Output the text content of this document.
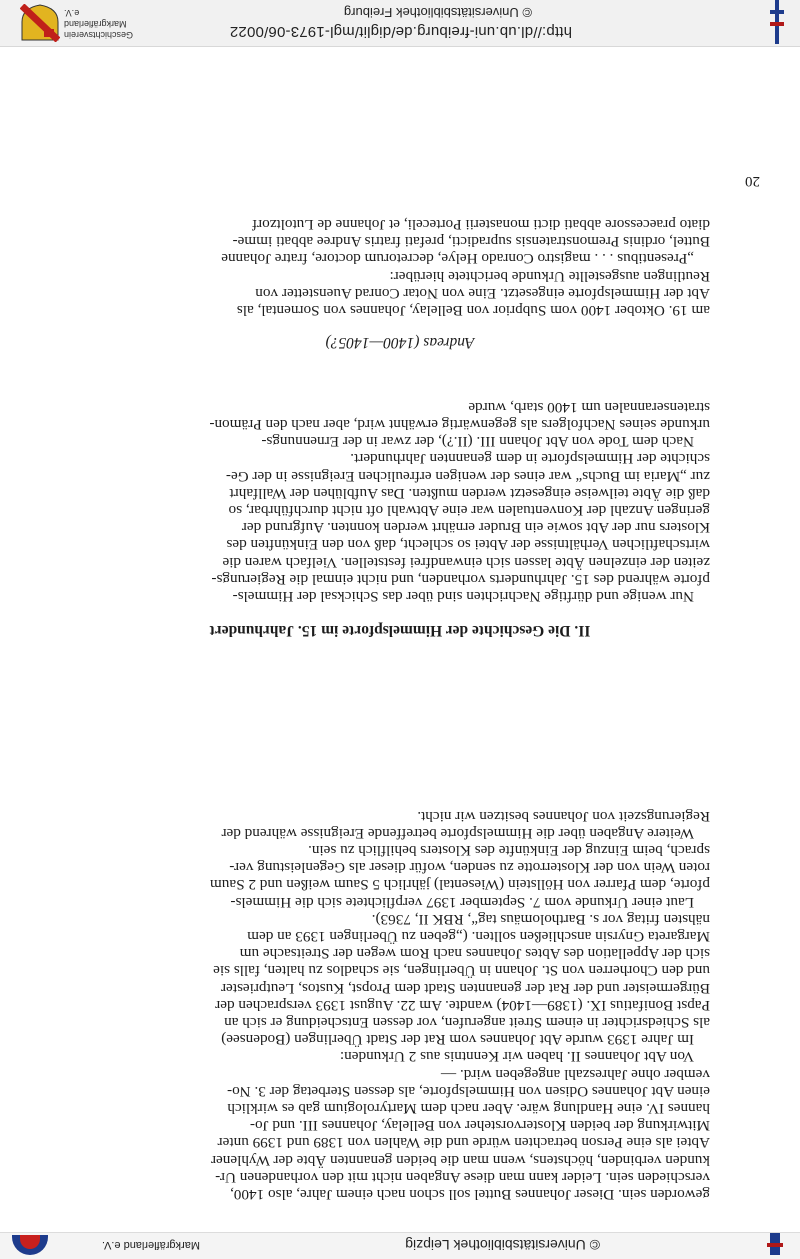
http://dl.ub.uni-freiburg.de/diglit/mgl-1973-06/0022
© Universitätsbibliothek Freiburg
Geschichtsverein Markgräflerland e.V.
© Universitätsbibliothek Leipzig
Markgräflerland e.V.

geworden sein. Dieser Johannes Buttel soll schon nach einem Jahre, also 1400,

verschieden sein. Leider kann man diese Angaben nicht mit den vorhandenen Ur-

kunden verbinden, höchstens, wenn man die beiden genannten Äbte der Wyhlener

Abtei als eine Person betrachten würde und die Wahlen von 1389 und 1399 unter

Mitwirkung der beiden Klostervorsteher von Bellelay, Johannes III. und Jo-

hannes IV. eine Handlung wäre. Aber nach dem Martyrologium gab es wirklich

einen Abt Johannes Odisen von Himmelspforte, als dessen Sterbetag der 3. No-

vember ohne Jahreszahl angegeben wird. —

Von Abt Johannes II. haben wir Kenntnis aus 2 Urkunden:

Im Jahre 1393 wurde Abt Johannes vom Rat der Stadt Überlingen (Bodensee)

als Schiedsrichter in einem Streit angerufen, vor dessen Entscheidung er sich an

Papst Bonifatius IX. (1389—1404) wandte. Am 22. August 1393 versprachen der

Bürgermeister und der Rat der genannten Stadt dem Propst, Kustos, Leutpriester

und den Chorherren von St. Johann in Überlingen, sie schadlos zu halten, falls sie

sich der Appellation des Abtes Johannes nach Rom wegen der Streitsache um

Margareta Gnyrsin anschließen sollten. („geben zu Überlingen 1393 an dem

nähsten fritag vor s. Bartholomäus tag“, RBK II, 7363).

Laut einer Urkunde vom 7. September 1397 verpflichtete sich die Himmels-

pforte, dem Pfarrer von Höllstein (Wiesental) jährlich 5 Saum weißen und 2 Saum

roten Wein von der Klosterrotte zu senden, wofür dieser als Gegenleistung ver-

sprach, beim Einzug der Einkünfte des Klosters behilflich zu sein.

Weitere Angaben über die Himmelspforte betreffende Ereignisse während der

Regierungszeit von Johannes besitzen wir nicht.

II. Die Geschichte der Himmelspforte im 15. Jahrhundert

Nur wenige und dürftige Nachrichten sind über das Schicksal der Himmels-

pforte während des 15. Jahrhunderts vorhanden, und nicht einmal die Regierungs-

zeiten der einzelnen Äbte lassen sich einwandfrei feststellen. Vielfach waren die

wirtschaftlichen Verhältnisse der Abtei so schlecht, daß von den Einkünften des

Klosters nur der Abt sowie ein Bruder ernährt werden konnten. Aufgrund der

geringen Anzahl der Konventualen war eine Abtwahl oft nicht durchführbar, so

daß die Äbte teilweise eingesetzt werden mußten. Das Aufblühen der Wallfahrt

zur „Maria im Buchs“ war eines der wenigen erfreulichen Ereignisse in der Ge-

schichte der Himmelspforte in dem genannten Jahrhundert.

Nach dem Tode von Abt Johann III. (II.?), der zwar in der Ernennungs-

urkunde seines Nachfolgers als gegenwärtig erwähnt wird, aber nach den Prämon-

stratenserannalen um 1400 starb, wurde

Andreas (1400—1405?)

am 19. Oktober 1400 vom Subprior von Bellelay, Johannes von Sornental, als

Abt der Himmelspforte eingesetzt. Eine von Notar Conrad Auenstetter von

Reutlingen ausgestellte Urkunde berichtete hierüber:

„Presentibus . . . magistro Conrado Helye, decretorum doctore, fratre Johanne

Buttel, ordinis Premonstratensis supradicti, prefati fratris Andree abbati imme-

diato praecessore abbati dicti monasterii Porteceli, et Johanne de Lutoltzorf

20
